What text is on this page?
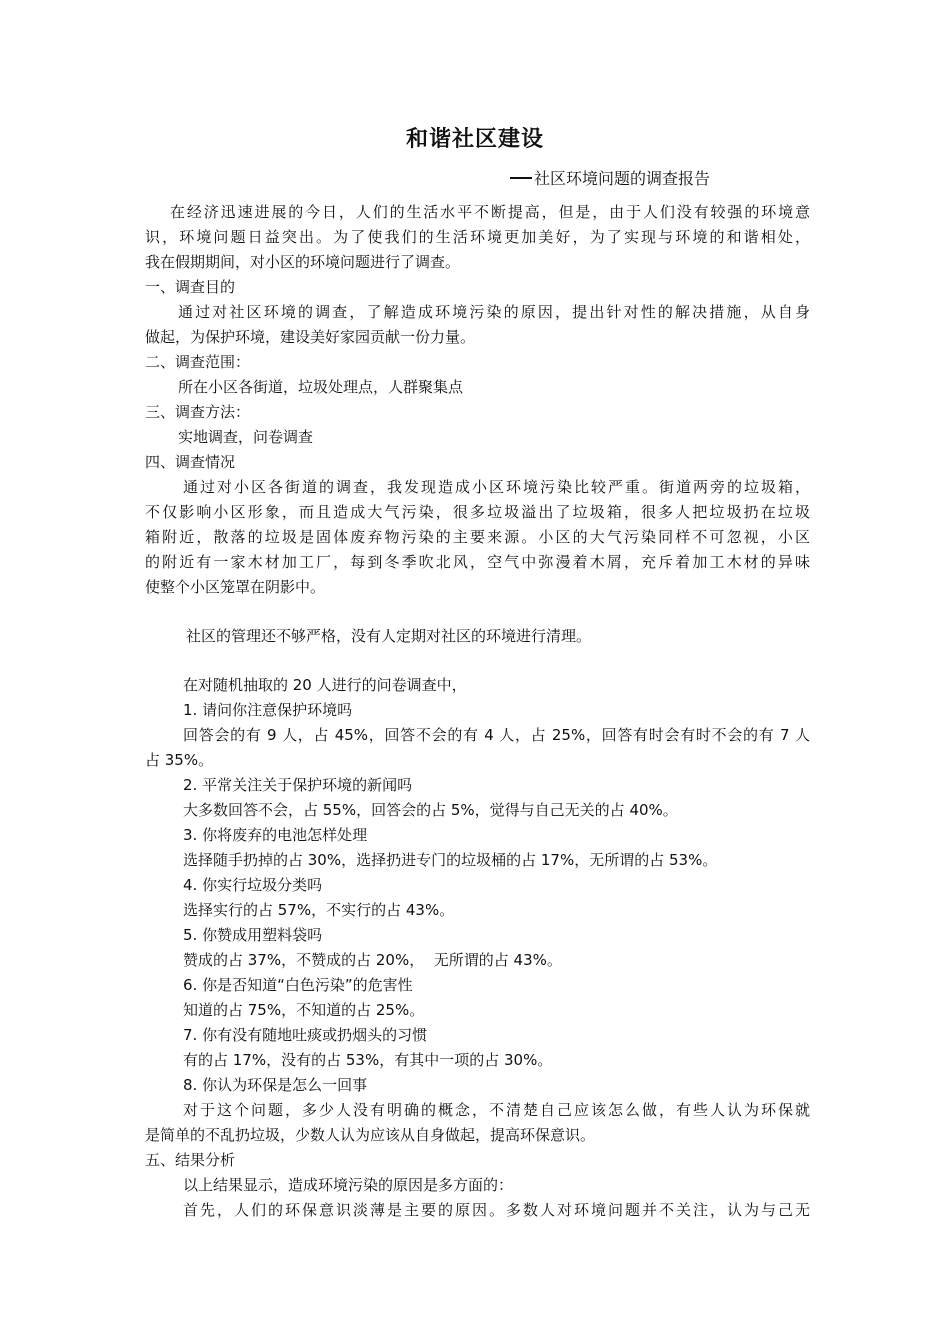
和谐社区建设

社区环境问题的调查报告

在经济迅速进展的今日，人们的生活水平不断提高，但是，由于人们没有较强的环境意

识，环境问题日益突出。为了使我们的生活环境更加美好，为了实现与环境的和谐相处，

我在假期期间，对小区的环境问题进行了调查。

一、调查目的

通过对社区环境的调查，了解造成环境污染的原因，提出针对性的解决措施，从自身

做起，为保护环境，建设美好家园贡献一份力量。

二、调查范围：

所在小区各街道，垃圾处理点，人群聚集点

三、调查方法：

实地调查，问卷调查

四、调查情况

通过对小区各街道的调查，我发现造成小区环境污染比较严重。街道两旁的垃圾箱，

不仅影响小区形象，而且造成大气污染，很多垃圾溢出了垃圾箱，很多人把垃圾扔在垃圾

箱附近，散落的垃圾是固体废弃物污染的主要来源。小区的大气污染同样不可忽视，小区

的附近有一家木材加工厂，每到冬季吹北风，空气中弥漫着木屑，充斥着加工木材的异味

使整个小区笼罩在阴影中。

社区的管理还不够严格，没有人定期对社区的环境进行清理。

在对随机抽取的 20 人进行的问卷调查中，

1. 请问你注意保护环境吗

回答会的有 9 人，占 45%，回答不会的有 4 人，占 25%，回答有时会有时不会的有 7 人

占 35%。

2. 平常关注关于保护环境的新闻吗

大多数回答不会，占 55%，回答会的占 5%，觉得与自己无关的占 40%。

3. 你将废弃的电池怎样处理

选择随手扔掉的占 30%，选择扔进专门的垃圾桶的占 17%，无所谓的占 53%。

4. 你实行垃圾分类吗

选择实行的占 57%，不实行的占 43%。

5. 你赞成用塑料袋吗

赞成的占 37%，不赞成的占 20%，  无所谓的占 43%。

6. 你是否知道“白色污染”的危害性

知道的占 75%，不知道的占 25%。

7. 你有没有随地吐痰或扔烟头的习惯

有的占 17%，没有的占 53%，有其中一项的占 30%。

8. 你认为环保是怎么一回事

对于这个问题，多少人没有明确的概念，不清楚自己应该怎么做，有些人认为环保就

是简单的不乱扔垃圾，少数人认为应该从自身做起，提高环保意识。

五、结果分析

以上结果显示，造成环境污染的原因是多方面的：

首先，人们的环保意识淡薄是主要的原因。多数人对环境问题并不关注，认为与己无
